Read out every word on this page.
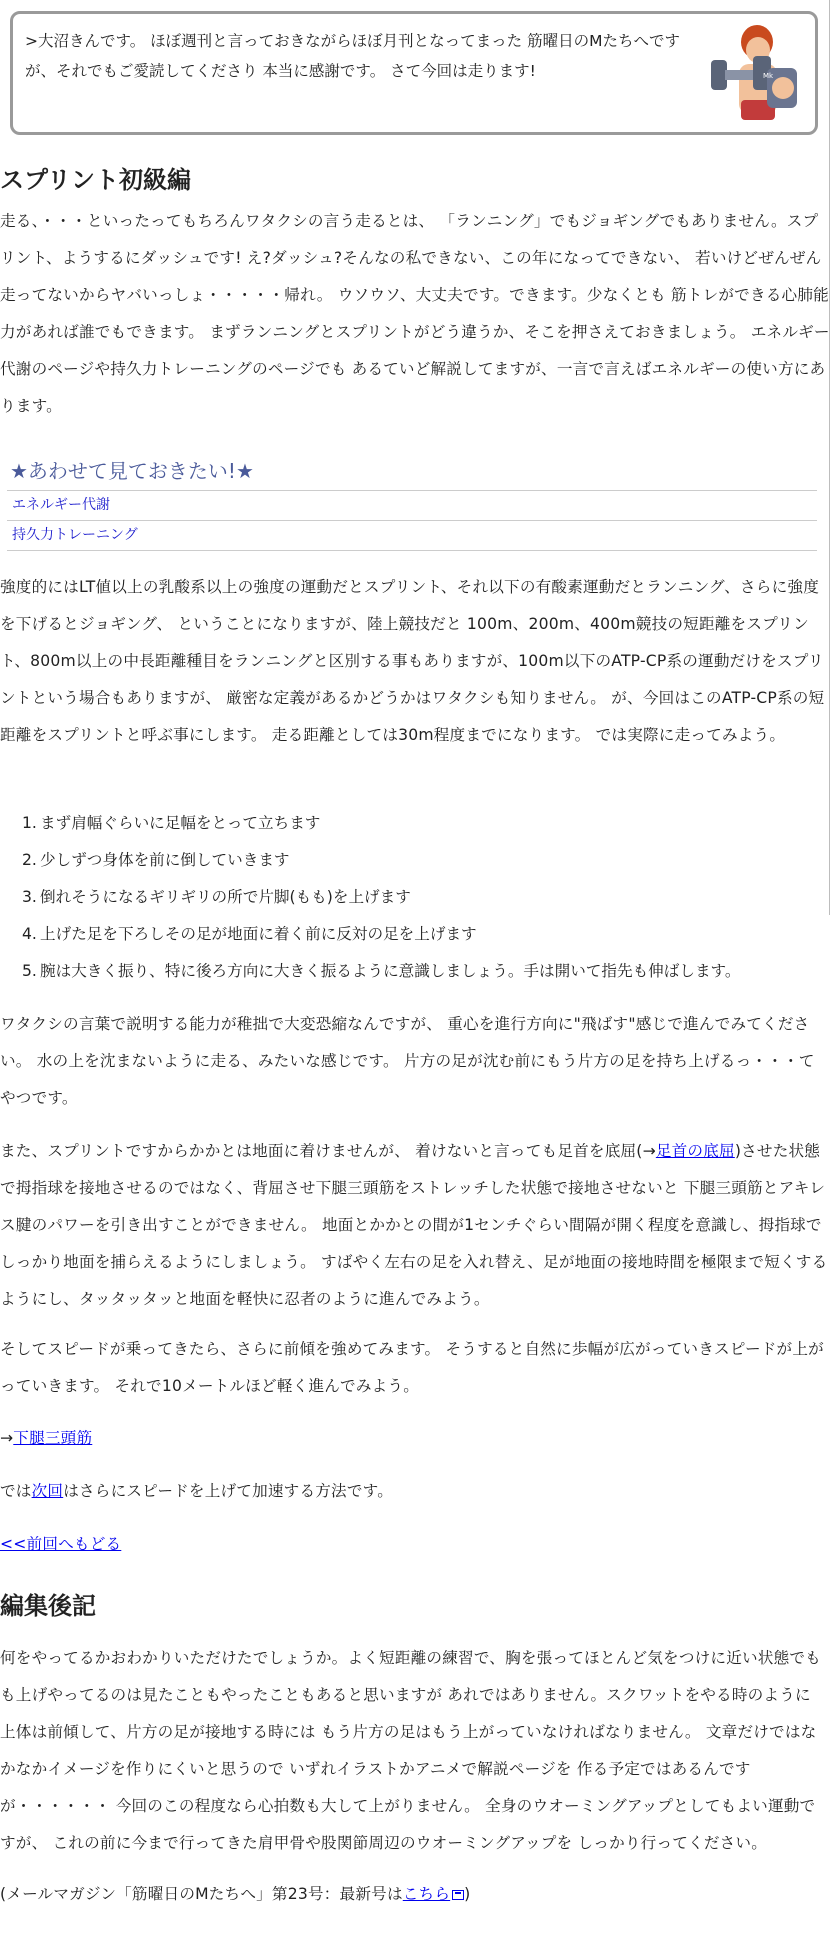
>大沼きんです。 ほぼ週刊と言っておきながらほぼ月刊となってまった 筋曜日のMたちへですが、それでもご愛読してくださり 本当に感謝です。 さて今回は走ります!	Mk
スプリント初級編

走る、・・・といったってもちろんワタクシの言う走るとは、 「ランニング」でもジョギングでもありません。スプリント、ようするにダッシュです! え?ダッシュ?そんなの私できない、この年になってできない、 若いけどぜんぜん走ってないからヤバいっしょ・・・・・帰れ。 ウソウソ、大丈夫です。できます。少なくとも 筋トレができる心肺能力があれば誰でもできます。 まずランニングとスプリントがどう違うか、そこを押さえておきましょう。 エネルギー代謝のページや持久力トレーニングのページでも あるていど解説してますが、一言で言えばエネルギーの使い方にあります。

★あわせて見ておきたい!★
エネルギー代謝
持久力トレーニング

強度的にはLT値以上の乳酸系以上の強度の運動だとスプリント、それ以下の有酸素運動だとランニング、さらに強度を下げるとジョギング、 ということになりますが、陸上競技だと 100m、200m、400m競技の短距離をスプリント、800m以上の中長距離種目をランニングと区別する事もありますが、100m以下のATP-CP系の運動だけをスプリントという場合もありますが、 厳密な定義があるかどうかはワタクシも知りません。 が、今回はこのATP-CP系の短距離をスプリントと呼ぶ事にします。 走る距離としては30m程度までになります。 では実際に走ってみよう。

1. まず肩幅ぐらいに足幅をとって立ちます
2. 少しずつ身体を前に倒していきます
3. 倒れそうになるギリギリの所で片脚(もも)を上げます
4. 上げた足を下ろしその足が地面に着く前に反対の足を上げます
5. 腕は大きく振り、特に後ろ方向に大きく振るように意識しましょう。手は開いて指先も伸ばします。

ワタクシの言葉で説明する能力が稚拙で大変恐縮なんですが、 重心を進行方向に"飛ばす"感じで進んでみてください。 水の上を沈まないように走る、みたいな感じです。 片方の足が沈む前にもう片方の足を持ち上げるっ・・・てやつです。

また、スプリントですからかかとは地面に着けませんが、 着けないと言っても足首を底屈(→足首の底屈)させた状態で拇指球を接地させるのではなく、背屈させ下腿三頭筋をストレッチした状態で接地させないと 下腿三頭筋とアキレス腱のパワーを引き出すことができません。 地面とかかとの間が1センチぐらい間隔が開く程度を意識し、拇指球でしっかり地面を捕らえるようにしましょう。 すばやく左右の足を入れ替え、足が地面の接地時間を極限まで短くするようにし、タッタッタッと地面を軽快に忍者のように進んでみよう。

そしてスピードが乗ってきたら、さらに前傾を強めてみます。 そうすると自然に歩幅が広がっていきスピードが上がっていきます。 それで10メートルほど軽く進んでみよう。

→下腿三頭筋

では次回はさらにスピードを上げて加速する方法です。

<<前回へもどる

編集後記

何をやってるかおわかりいただけたでしょうか。よく短距離の練習で、胸を張ってほとんど気をつけに近い状態でもも上げやってるのは見たこともやったこともあると思いますが あれではありません。スクワットをやる時のように 上体は前傾して、片方の足が接地する時には もう片方の足はもう上がっていなければなりません。 文章だけではなかなかイメージを作りにくいと思うので いずれイラストかアニメで解説ページを 作る予定ではあるんですが・・・・・・ 今回のこの程度なら心拍数も大して上がりません。 全身のウオーミングアップとしてもよい運動ですが、 これの前に今まで行ってきた肩甲骨や股関節周辺のウオーミングアップを しっかり行ってください。

(メールマガジン「筋曜日のMたちへ」第23号：最新号はこちら )
